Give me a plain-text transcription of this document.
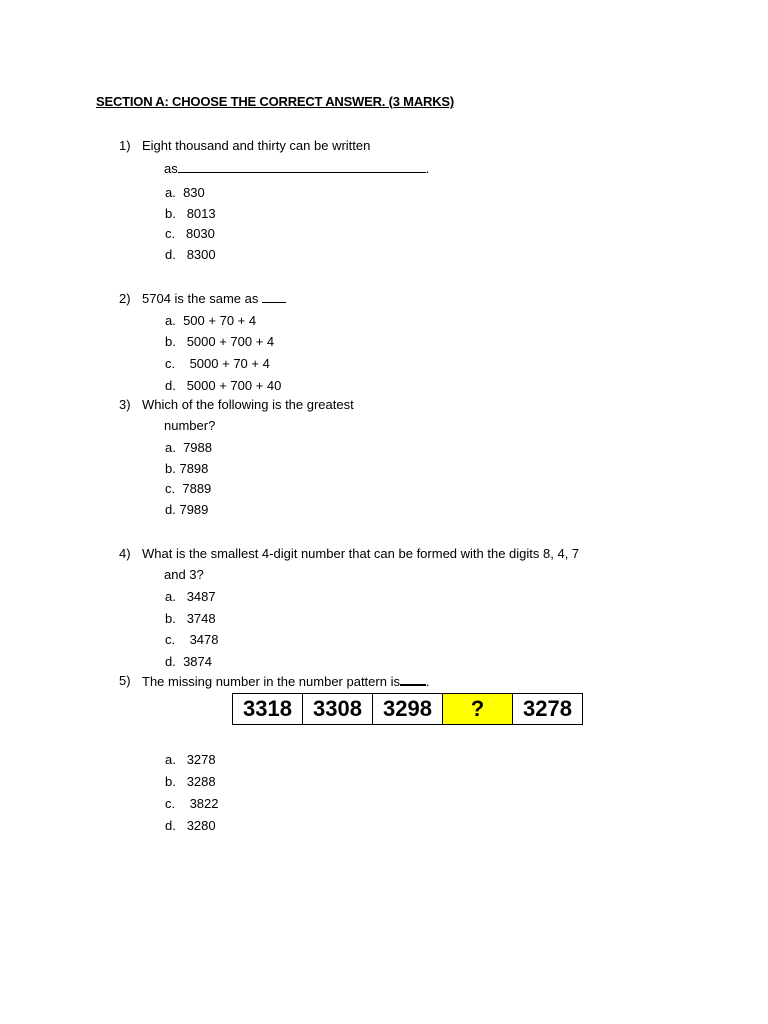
SECTION A: CHOOSE THE CORRECT ANSWER. (3 MARKS)
1) Eight thousand and thirty can be written
as	.
a. 830
b. 8013
c. 8030
d. 8300
2) 5704 is the same as
a. 500 + 70 + 4
b. 5000 + 700 + 4
c. 5000 + 70 + 4
d. 5000 + 700 + 40
3) Which of the following is the greatest
number?
a. 7988
b. 7898
c. 7889
d. 7989
4) What is the smallest 4-digit number that can be formed with the digits 8, 4, 7
and 3?
a. 3487
b. 3748
c. 3478
d. 3874
5) The missing number in the number pattern is .
3318	3308	3298	?	3278
a. 3278
b. 3288
c. 3822
d. 3280
